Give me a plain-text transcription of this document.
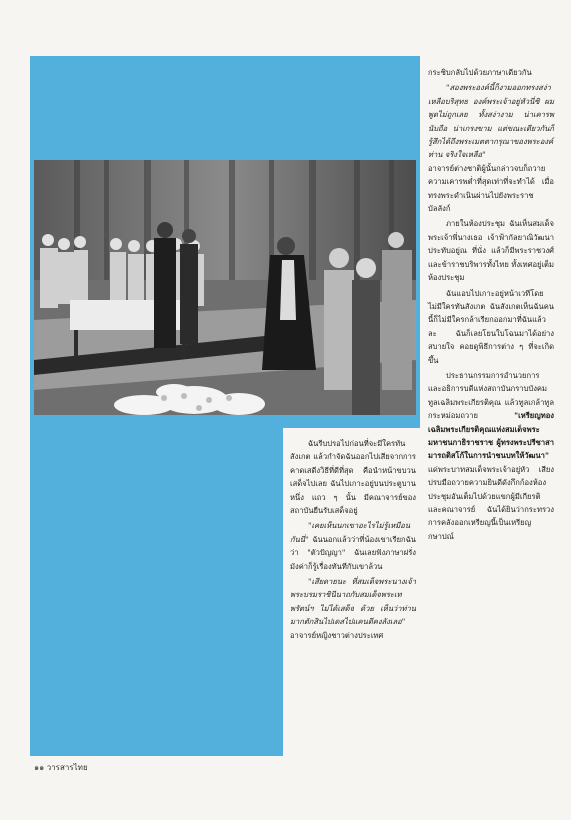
กระซิบกลับไปด้วยภาษาเดียวกัน

"สองพระองค์นี้ก็งามออกทรงสง่า เหลือบริสุทธ องค์พระเจ้าอยู่หัวนี่ซิ ผมพูดไม่ถูกเลย ทั้งสง่างาม น่าเคารพนับถือ น่าเกรงขาม แต่ขณะเดียวกันก็รู้สึกได้ถึงพระเมตตากรุณาของพระองค์ท่าน จริงใจเหลือ"

อาจารย์ต่างชาติผู้นั้นกล่าวจบก็ถวายความเคารพต่ำที่สุดเท่าที่จะทำได้ เมื่อทรงพระดำเนินผ่านไปยังพระราชบัลลังก์

ภายในห้องประชุม ฉันเห็นสมเด็จพระเจ้าพี่นางเธอ เจ้าฟ้ากัลยาณิวัฒนา ประทับอยู่ณ ที่นั่ง แล้วก็มีพระราชวงศ์และข้าราชบริพารทั้งไทย ทั้งเทศอยู่เต็มห้องประชุม

ฉันแอบไปเกาะอยู่หน้าเวทีโดยไม่มีใครทันสังเกต ฉันสังเกตเห็นฉันคนนี้ก็ไม่มีใครกล้าเรียกออกมาที่ฉันแล้วละ ฉันก็เลยโยนใบโฉนมาได้อย่างสบายใจ คอยดูพิธีการต่าง ๆ ที่จะเกิดขึ้น

ประธานกรรมการอำนวยการ และอธิการบดีแห่งสถาบันกราบบังคมทูลเฉลิมพระเกียรติคุณ แล้วทูลเกล้าทูลกระหม่อมถวาย "เหรียญทองเฉลิมพระเกียรติคุณแห่งสมเด็จพระมหาชนกาธิราชราช ผู้ทรงพระปรีชาสามารถดิสโก้ในการนำชนบทให้วัฒนา" แด่พระบาทสมเด็จพระเจ้าอยู่หัว เสียงปรบมือถวายความยินดีดังกึกก้องห้องประชุมอันเต็มไปด้วยแขกผู้มีเกียรติและคณาจารย์ ฉันได้ยินว่ากระทรวงการคลังออกเหรียญนี้เป็นเหรียญกษาปณ์

ฉันรีบปรอไปก่อนที่จะมีใครทันสังเกต แล้วกำจัดฉันออกไปเสียจากการคาดเสดีงวิธีที่ดีที่สุด คือนำหน้าขบวนเสด็จไปเลย ฉันไปเกาะอยู่บนประตูบานหนึ่ง แถว ๆ นั้น มีคณาจารย์ของสถาบันยืนรับเสด็จอยู่

"เคยเห็นนกเขาอะไรไม่รู้เหมือนกันนี่" ฉันนอกแล้วว่าที่น้องเขาเรียกฉันว่า "ตัวปัญญา" ฉันเลยฟังภาษาฝรั่งมังค่าก็รู้เรื่องทันทีกับเขาล้วน

"เสียดายนะ ที่สมเด็จพระนางเจ้า พระบรมราชินีนาถกับสมเด็จพระเทพรัตน์ฯ ไม่ได้เสด็จ ด้วย เห็นว่าท่านมากตักสินไปเดสไปแคนดีคงลังเลอ"

อาจารย์หญิงชาวต่างประเทศ

๑๑ วารสารไทย
